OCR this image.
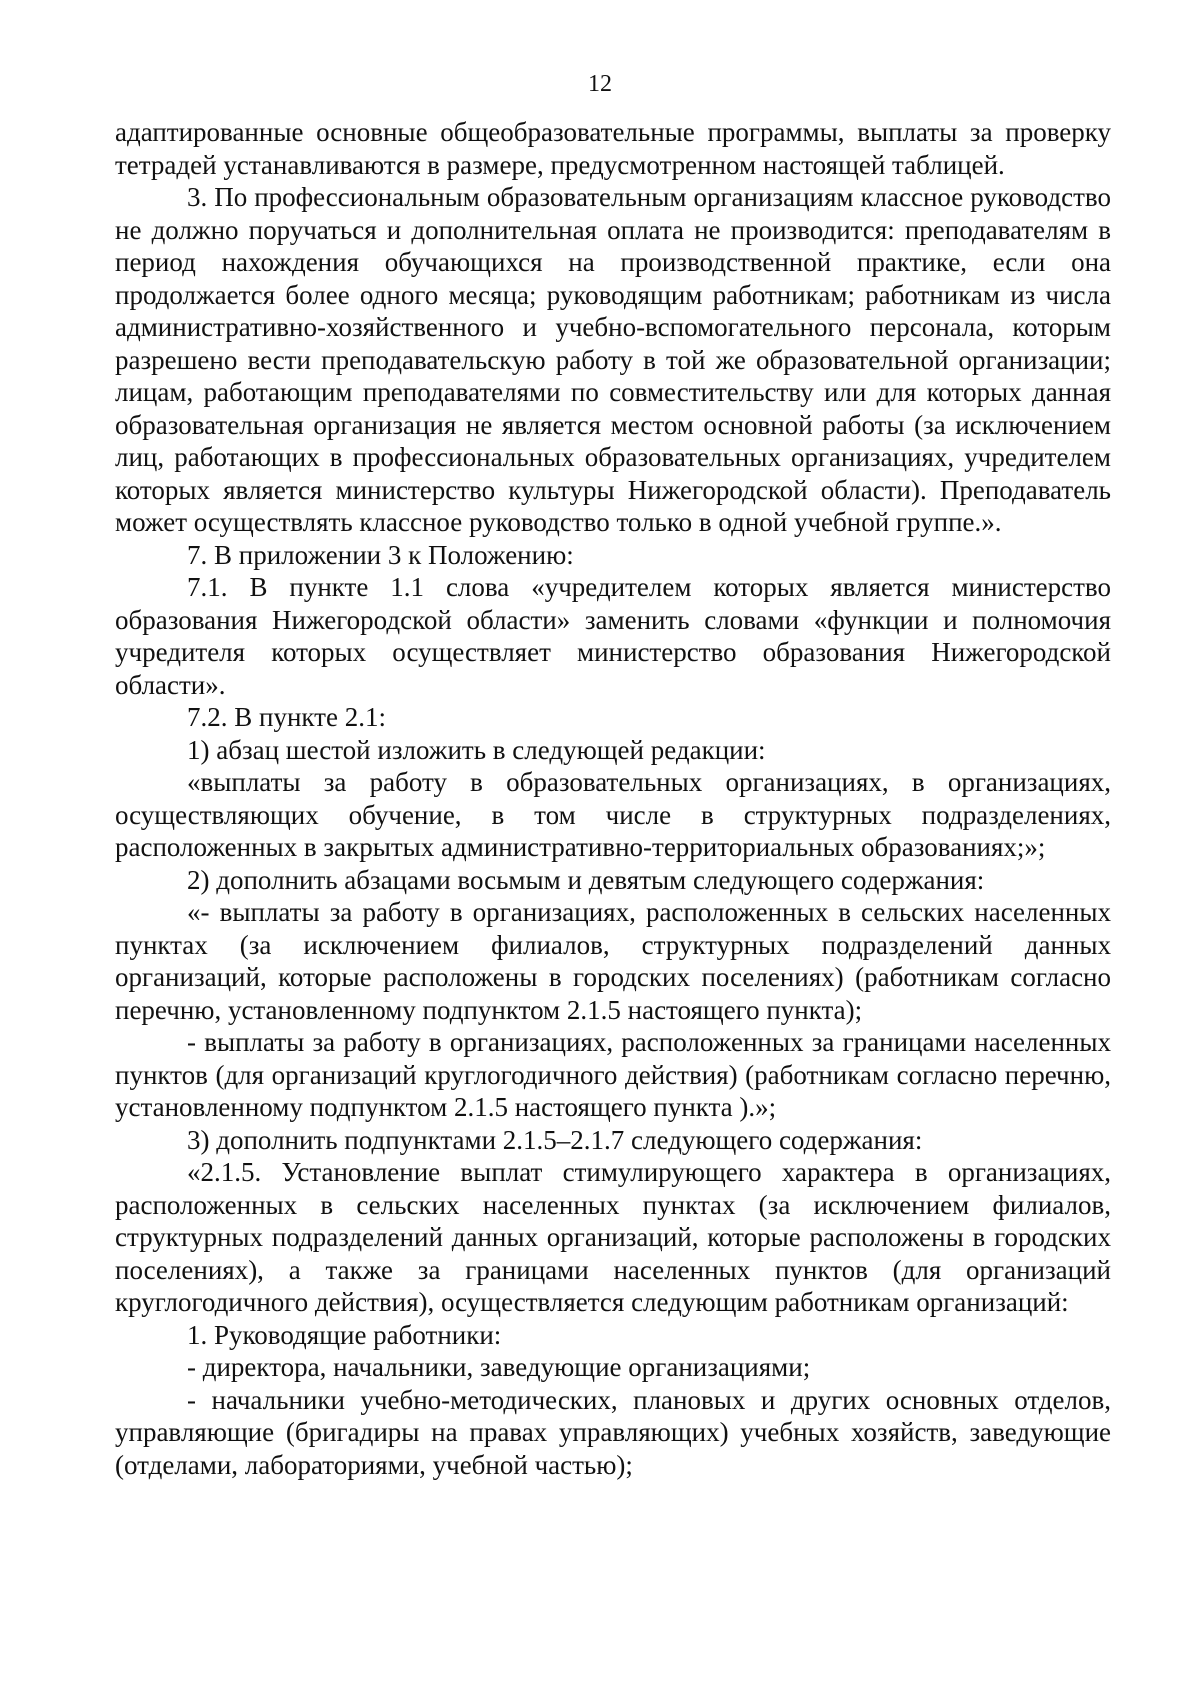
12

адаптированные основные общеобразовательные программы, выплаты за проверку тетрадей устанавливаются в размере, предусмотренном настоящей таблицей.

3. По профессиональным образовательным организациям классное руководство не должно поручаться и дополнительная оплата не производится: преподавателям в период нахождения обучающихся на производственной практике, если она продолжается более одного месяца; руководящим работникам; работникам из числа административно-хозяйственного и учебно-вспомогательного персонала, которым разрешено вести преподавательскую работу в той же образовательной организации; лицам, работающим преподавателями по совместительству или для которых данная образовательная организация не является местом основной работы (за исключением лиц, работающих в профессиональных образовательных организациях, учредителем которых является министерство культуры Нижегородской области). Преподаватель может осуществлять классное руководство только в одной учебной группе.».

7. В приложении 3 к Положению:

7.1. В пункте 1.1 слова «учредителем которых является министерство образования Нижегородской области» заменить словами «функции и полномочия учредителя которых осуществляет министерство образования Нижегородской области».

7.2. В пункте 2.1:

1) абзац шестой изложить в следующей редакции:

«выплаты за работу в образовательных организациях, в организациях, осуществляющих обучение, в том числе в структурных подразделениях, расположенных в закрытых административно-территориальных образованиях;»;

2) дополнить абзацами восьмым и девятым следующего содержания:

«- выплаты за работу в организациях, расположенных в сельских населенных пунктах (за исключением филиалов, структурных подразделений данных организаций, которые расположены в городских поселениях) (работникам согласно перечню, установленному подпунктом 2.1.5 настоящего пункта);

- выплаты за работу в организациях, расположенных за границами населенных пунктов (для организаций круглогодичного действия) (работникам согласно перечню, установленному подпунктом 2.1.5 настоящего пункта ).»;

3) дополнить подпунктами 2.1.5–2.1.7 следующего содержания:

«2.1.5. Установление выплат стимулирующего характера в организациях, расположенных в сельских населенных пунктах (за исключением филиалов, структурных подразделений данных организаций, которые расположены в городских поселениях), а также за границами населенных пунктов (для организаций круглогодичного действия), осуществляется следующим работникам организаций:

1. Руководящие работники:

- директора, начальники, заведующие организациями;

- начальники учебно-методических, плановых и других основных отделов, управляющие (бригадиры на правах управляющих) учебных хозяйств, заведующие (отделами, лабораториями, учебной частью);
